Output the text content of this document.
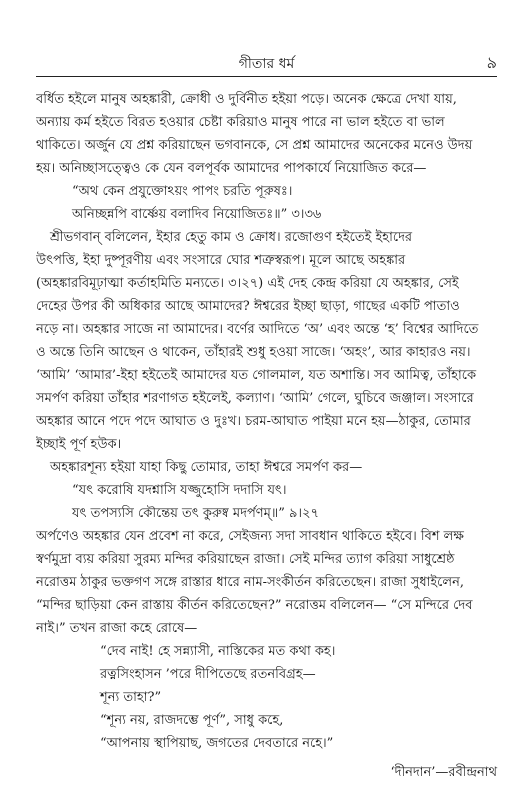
গীতার ধর্ম	৯
বর্ধিত হইলে মানুষ অহঙ্কারী, ক্রোধী ও দুর্বিনীত হইয়া পড়ে। অনেক ক্ষেত্রে দেখা যায়,
অন্যায় কর্ম হইতে বিরত হওয়ার চেষ্টা করিয়াও মানুষ পারে না ভাল হইতে বা ভাল
থাকিতে। অর্জুন যে প্রশ্ন করিয়াছেন ভগবানকে, সে প্রশ্ন আমাদের অনেকের মনেও উদয়
হয়। অনিচ্ছাসত্ত্বেও কে যেন বলপূর্বক আমাদের পাপকার্যে নিয়োজিত করে—
“অথ কেন প্রযুক্তোঽয়ং পাপং চরতি পূরুষঃ।
অনিচ্ছন্নপি বার্ষ্ণেয় বলাদিব নিয়োজিতঃ॥” ৩।৩৬
শ্রীভগবান্‌ বলিলেন, ইহার হেতু কাম ও ক্রোধ। রজোগুণ হইতেই ইহাদের
উৎপত্তি, ইহা দুষ্পূরণীয় এবং সংসারে ঘোর শত্রুস্বরূপ। মূলে আছে অহঙ্কার
(অহঙ্কারবিমূঢ়াত্মা কর্তাহমিতি মন্যতে। ৩।২৭) এই দেহ কেন্দ্র করিয়া যে অহঙ্কার, সেই
দেহের উপর কী অধিকার আছে আমাদের? ঈশ্বরের ইচ্ছা ছাড়া, গাছের একটি পাতাও
নড়ে না। অহঙ্কার সাজে না আমাদের। বর্ণের আদিতে ‘অ’ এবং অন্তে ‘হ’ বিশ্বের আদিতে
ও অন্তে তিনি আছেন ও থাকেন, তাঁহারই শুধু হওয়া সাজে। ‘অহং’, আর কাহারও নয়।
‘আমি’ ‘আমার’-ইহা হইতেই আমাদের যত গোলমাল, যত অশান্তি। সব আমিত্ব, তাঁহাকে
সমর্পণ করিয়া তাঁহার শরণাগত হইলেই, কল্যাণ। ‘আমি’ গেলে, ঘুচিবে জঞ্জাল। সংসারে
অহঙ্কার আনে পদে পদে আঘাত ও দুঃখ। চরম-আঘাত পাইয়া মনে হয়—ঠাকুর, তোমার
ইচ্ছাই পূর্ণ হউক।
অহঙ্কারশূন্য হইয়া যাহা কিছু তোমার, তাহা ঈশ্বরে সমর্পণ কর—
“যৎ করোষি যদশ্নাসি যজ্জুহোসি দদাসি যৎ।
যৎ তপস্যসি কৌন্তেয় তৎ কুরুষ্ব মদর্পণম্‌॥” ৯।২৭
অর্পণেও অহঙ্কার যেন প্রবেশ না করে, সেইজন্য সদা সাবধান থাকিতে হইবে। বিশ লক্ষ
স্বর্ণমুদ্রা ব্যয় করিয়া সুরম্য মন্দির করিয়াছেন রাজা। সেই মন্দির ত্যাগ করিয়া সাধুশ্রেষ্ঠ
নরোত্তম ঠাকুর ভক্তগণ সঙ্গে রাস্তার ধারে নাম-সংকীর্তন করিতেছেন। রাজা সুধাইলেন,
“মন্দির ছাড়িয়া কেন রাস্তায় কীর্তন করিতেছেন?” নরোত্তম বলিলেন— “সে মন্দিরে দেব
নাই।” তখন রাজা কহে রোষে—
“দেব নাই! হে সন্ন্যাসী, নাস্তিকের মত কথা কহ।
রত্নসিংহাসন ’পরে দীপিতেছে রতনবিগ্রহ—
শূন্য তাহা?”
“শূন্য নয়, রাজদম্ভে পূর্ণ”, সাধু কহে,
“আপনায় স্থাপিয়াছ, জগতের দেবতারে নহে।”
‘দীনদান’—রবীন্দ্রনাথ
